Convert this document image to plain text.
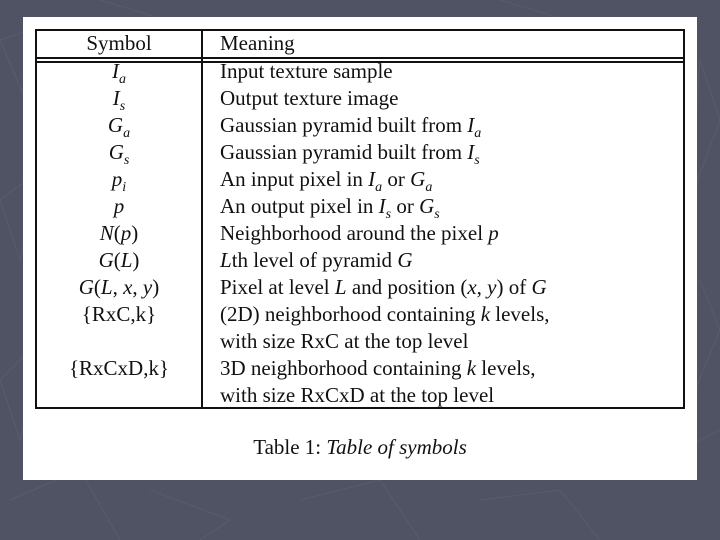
Symbol	Meaning
$I_a$	Input texture sample
$I_s$	Output texture image
$G_a$	Gaussian pyramid built from $I_a$
$G_s$	Gaussian pyramid built from $I_s$
$p_i$	An input pixel in $I_a$ or $G_a$
p	An output pixel in $I_s$ or $G_s$
N(p)	Neighborhood around the pixel p
G(L)	Lth level of pyramid G
G(L, x, y)	Pixel at level L and position (x, y) of G
{RxC,k}	(2D) neighborhood containing k levels,
with size RxC at the top level
{RxCxD,k}	3D neighborhood containing k levels,
with size RxCxD at the top level
Table 1: Table of symbols
